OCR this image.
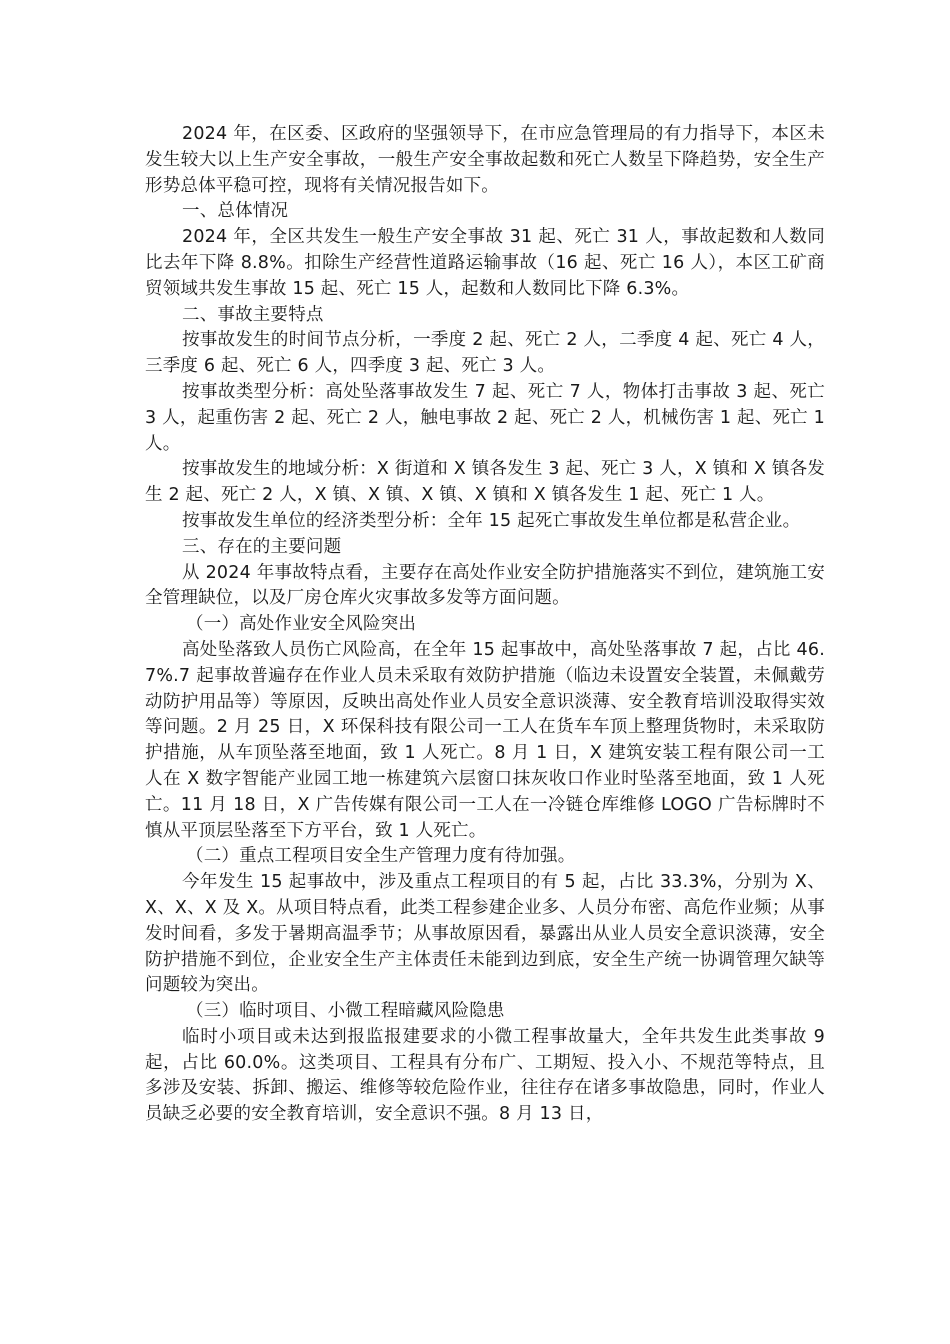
2024 年，在区委、区政府的坚强领导下，在市应急管理局的有力指导下，本区未发生较大以上生产安全事故，一般生产安全事故起数和死亡人数呈下降趋势，安全生产形势总体平稳可控，现将有关情况报告如下。

一、总体情况

2024 年，全区共发生一般生产安全事故 31 起、死亡 31 人，事故起数和人数同比去年下降 8.8%。扣除生产经营性道路运输事故（16 起、死亡 16 人），本区工矿商贸领域共发生事故 15 起、死亡 15 人，起数和人数同比下降 6.3%。

二、事故主要特点

按事故发生的时间节点分析，一季度 2 起、死亡 2 人，二季度 4 起、死亡 4 人，三季度 6 起、死亡 6 人，四季度 3 起、死亡 3 人。

按事故类型分析：高处坠落事故发生 7 起、死亡 7 人，物体打击事故 3 起、死亡 3 人，起重伤害 2 起、死亡 2 人，触电事故 2 起、死亡 2 人，机械伤害 1 起、死亡 1 人。

按事故发生的地域分析：X 街道和 X 镇各发生 3 起、死亡 3 人，X 镇和 X 镇各发生 2 起、死亡 2 人，X 镇、X 镇、X 镇、X 镇和 X 镇各发生 1 起、死亡 1 人。

按事故发生单位的经济类型分析：全年 15 起死亡事故发生单位都是私营企业。

三、存在的主要问题

从 2024 年事故特点看，主要存在高处作业安全防护措施落实不到位，建筑施工安全管理缺位，以及厂房仓库火灾事故多发等方面问题。

（一）高处作业安全风险突出

高处坠落致人员伤亡风险高，在全年 15 起事故中，高处坠落事故 7 起，占比 46.7%.7 起事故普遍存在作业人员未采取有效防护措施（临边未设置安全装置，未佩戴劳动防护用品等）等原因，反映出高处作业人员安全意识淡薄、安全教育培训没取得实效等问题。2 月 25 日，X 环保科技有限公司一工人在货车车顶上整理货物时，未采取防护措施，从车顶坠落至地面，致 1 人死亡。8 月 1 日，X 建筑安装工程有限公司一工人在 X 数字智能产业园工地一栋建筑六层窗口抹灰收口作业时坠落至地面，致 1 人死亡。11 月 18 日，X 广告传媒有限公司一工人在一冷链仓库维修 LOGO 广告标牌时不慎从平顶层坠落至下方平台，致 1 人死亡。

（二）重点工程项目安全生产管理力度有待加强。

今年发生 15 起事故中，涉及重点工程项目的有 5 起，占比 33.3%，分别为 X、X、X、X 及 X。从项目特点看，此类工程参建企业多、人员分布密、高危作业频；从事发时间看，多发于暑期高温季节；从事故原因看，暴露出从业人员安全意识淡薄，安全防护措施不到位，企业安全生产主体责任未能到边到底，安全生产统一协调管理欠缺等问题较为突出。

（三）临时项目、小微工程暗藏风险隐患

临时小项目或未达到报监报建要求的小微工程事故量大，全年共发生此类事故 9 起，占比 60.0%。这类项目、工程具有分布广、工期短、投入小、不规范等特点，且多涉及安装、拆卸、搬运、维修等较危险作业，往往存在诸多事故隐患，同时，作业人员缺乏必要的安全教育培训，安全意识不强。8 月 13 日，
